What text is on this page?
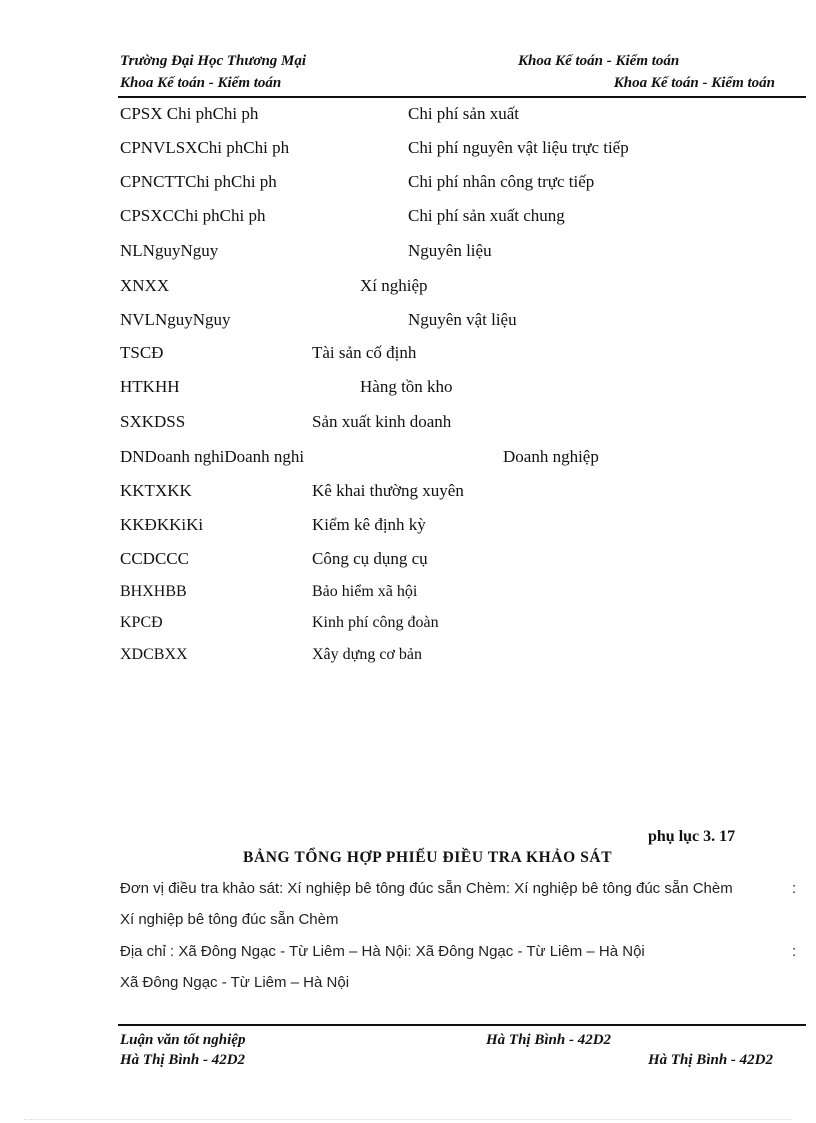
Trường Đại Học Thương Mại	Khoa Kế toán - Kiểm toán
Khoa Kế toán - Kiểm toán	Khoa Kế toán - Kiểm toán
CPSX Chi phChi ph	Chi phí sản xuất
CPNVLSXChi phChi ph	Chi phí nguyên vật liệu trực tiếp
CPNCTTChi phChi ph	Chi phí nhân công trực tiếp
CPSXCChi phChi ph	Chi phí sản xuất chung
NLNguyNguy	Nguyên liệu
XNXX	Xí nghiệp
NVLNguyNguy	Nguyên vật liệu
TSCĐ	Tài sản cố định
HTKHH	Hàng tồn kho
SXKDSS	Sản xuất kinh doanh
DNDoanh nghiDoanh nghi	Doanh nghiệp
KKTXKK	Kê khai thường xuyên
KKĐKKiKi	Kiểm kê định kỳ
CCDCCC	Công cụ dụng cụ
BHXHBB	Bảo hiểm xã hội
KPCĐ	Kinh phí công đoàn
XDCBXX	Xây dựng cơ bản
phụ lục 3. 17
BẢNG TỔNG HỢP PHIẾU ĐIỀU TRA KHẢO SÁT
Đơn vị điều tra khảo sát: Xí nghiệp bê tông đúc sẵn Chèm: Xí nghiệp bê tông đúc sẵn Chèm	:
Xí nghiệp bê tông đúc sẵn Chèm
Địa chỉ : Xã Đông Ngạc - Từ Liêm – Hà Nội: Xã Đông Ngạc - Từ Liêm – Hà Nội	:
Xã Đông Ngạc - Từ Liêm – Hà Nội
Luận văn tốt nghiệp	Hà Thị Bình - 42D2
Hà Thị Bình - 42D2	Hà Thị Bình - 42D2
